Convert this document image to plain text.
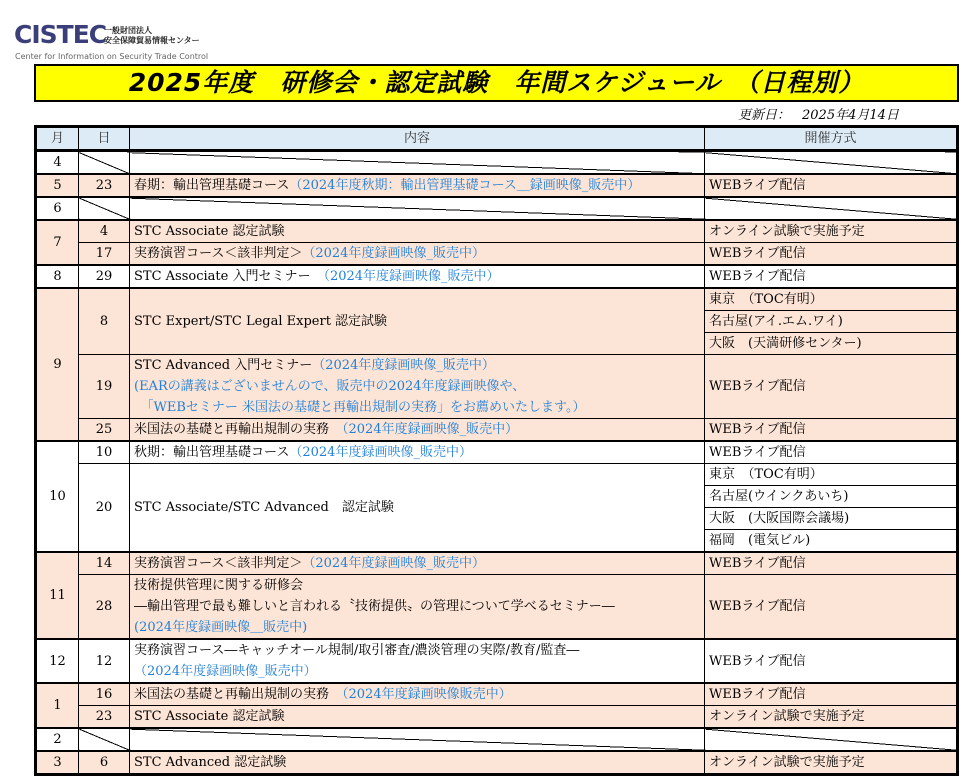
CISTEC
一般財団法人
安全保障貿易情報センター
Center for Information on Security Trade Control
2025年度　研修会・認定試験　年間スケジュール　（日程別）
更新日： 2025年4月14日
月	日	内容	開催方式
4			
5	23	春期：輸出管理基礎コース（2024年度秋期：輸出管理基礎コース＿録画映像_販売中）	WEBライブ配信
6			
7	4	STC Associate 認定試験	オンライン試験で実施予定
	17	実務演習コース＜該非判定＞（2024年度録画映像_販売中）	WEBライブ配信
8	29	STC Associate 入門セミナー　（2024年度録画映像_販売中）	WEBライブ配信
9	8	STC Expert/STC Legal Expert 認定試験	東京　（TOC有明）
			名古屋(アイ.エム.ワイ)
			大阪　(天満研修センター)
	19	STC Advanced 入門セミナー（2024年度録画映像_販売中）
(EARの講義はございませんので、販売中の2024年度録画映像や、
　「WEBセミナー 米国法の基礎と再輸出規制の実務」をお薦めいたします。）	WEBライブ配信
	25	米国法の基礎と再輸出規制の実務　（2024年度録画映像_販売中）	WEBライブ配信
10	10	秋期：輸出管理基礎コース（2024年度録画映像_販売中）	WEBライブ配信
	20	STC Associate/STC Advanced　認定試験	東京　（TOC有明）
			名古屋(ウインクあいち)
			大阪　(大阪国際会議場)
			福岡　(電気ビル)
11	14	実務演習コース＜該非判定＞（2024年度録画映像_販売中）	WEBライブ配信
	28	技術提供管理に関する研修会
―輸出管理で最も難しいと言われる〝技術提供〟の管理について学べるセミナー―
(2024年度録画映像＿販売中)	WEBライブ配信
12	12	実務演習コース―キャッチオール規制/取引審査/濃淡管理の実際/教育/監査―
（2024年度録画映像_販売中）	WEBライブ配信
1	16	米国法の基礎と再輸出規制の実務　（2024年度録画映像販売中）	WEBライブ配信
	23	STC Associate 認定試験	オンライン試験で実施予定
2			
3	6	STC Advanced 認定試験	オンライン試験で実施予定
